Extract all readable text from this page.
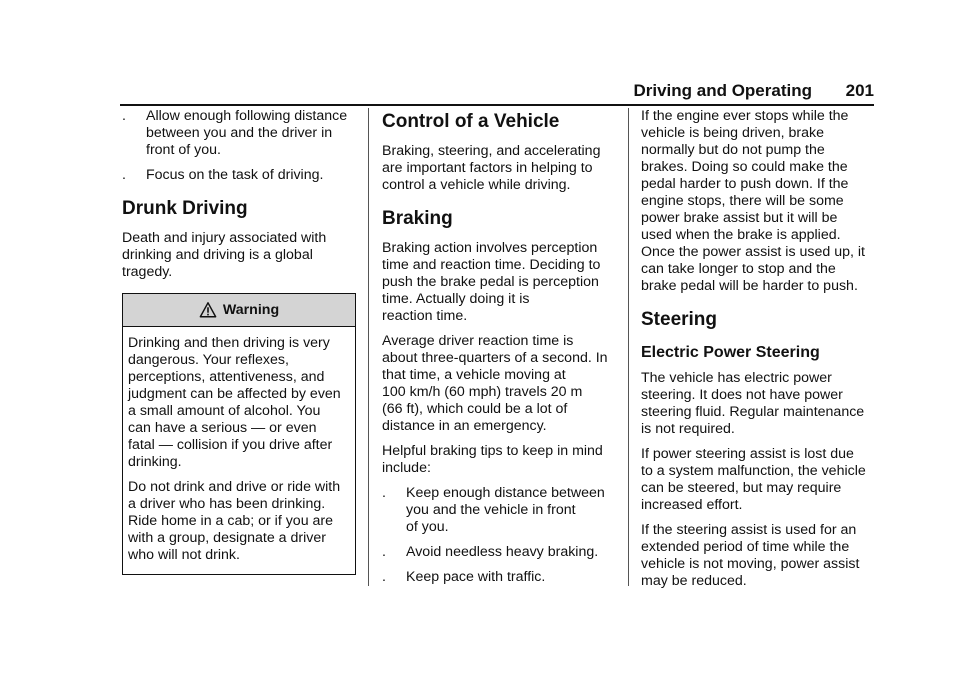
Driving and Operating 201
. Allow enough following distance
between you and the driver in
front of you.
. Focus on the task of driving.
Drunk Driving

Death and injury associated with
drinking and driving is a global
tragedy.

Warning

Drinking and then driving is very
dangerous. Your reflexes,
perceptions, attentiveness, and
judgment can be affected by even
a small amount of alcohol. You
can have a serious — or even
fatal — collision if you drive after
drinking.

Do not drink and drive or ride with
a driver who has been drinking.
Ride home in a cab; or if you are
with a group, designate a driver
who will not drink.

Control of a Vehicle

Braking, steering, and accelerating
are important factors in helping to
control a vehicle while driving.

Braking

Braking action involves perception
time and reaction time. Deciding to
push the brake pedal is perception
time. Actually doing it is
reaction time.

Average driver reaction time is
about three-quarters of a second. In
that time, a vehicle moving at
100 km/h (60 mph) travels 20 m
(66 ft), which could be a lot of
distance in an emergency.

Helpful braking tips to keep in mind
include:

. Keep enough distance between
you and the vehicle in front
of you.
. Avoid needless heavy braking.
. Keep pace with traffic.

If the engine ever stops while the
vehicle is being driven, brake
normally but do not pump the
brakes. Doing so could make the
pedal harder to push down. If the
engine stops, there will be some
power brake assist but it will be
used when the brake is applied.
Once the power assist is used up, it
can take longer to stop and the
brake pedal will be harder to push.

Steering
Electric Power Steering

The vehicle has electric power
steering. It does not have power
steering fluid. Regular maintenance
is not required.

If power steering assist is lost due
to a system malfunction, the vehicle
can be steered, but may require
increased effort.

If the steering assist is used for an
extended period of time while the
vehicle is not moving, power assist
may be reduced.
